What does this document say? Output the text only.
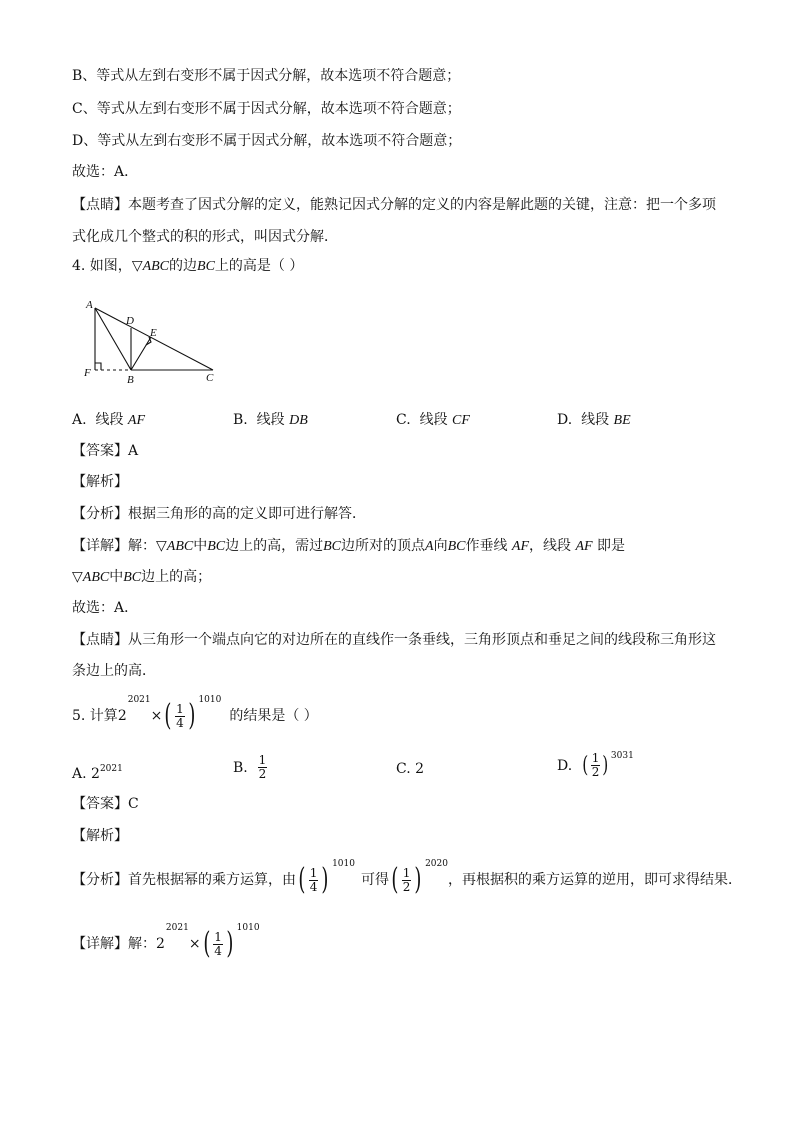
B、等式从左到右变形不属于因式分解，故本选项不符合题意；
C、等式从左到右变形不属于因式分解，故本选项不符合题意；
D、等式从左到右变形不属于因式分解，故本选项不符合题意；
故选：A．
【点睛】本题考查了因式分解的定义，能熟记因式分解的定义的内容是解此题的关键，注意：把一个多项
式化成几个整式的积的形式，叫因式分解．
4. 如图，▽ABC的边BC上的高是（ ）
A
D
E
F
B	C
A. 线段 AF	B. 线段 DB	C. 线段 CF	D. 线段 BE
【答案】A
【解析】
【分析】根据三角形的高的定义即可进行解答．
【详解】解：▽ABC中BC边上的高，需过BC边所对的顶点A向BC作垂线 AF，线段 AF 即是
▽ABC中BC边上的高；
故选：A．
【点睛】从三角形一个端点向它的对边所在的直线作一条垂线，三角形顶点和垂足之间的线段称三角形这
条边上的高．
5. 计算 2
2021
× ( $\frac{1}{4}$ ) 1010
的结果是（ ）
A. $2^{2021}$	B.
$\frac{1}{2}$	C. 2	D.
( $\frac{1}{2}$ ) 3031
【答案】C
【解析】
【分析】首先根据幂的乘方运算，由 ( $\frac{1}{4}$ ) 1010
可得 ( $\frac{1}{2}$ ) 2020
，再根据积的乘方运算的逆用，即可求得结果．
【详解】解： 2
2021
× ( $\frac{1}{4}$ ) 1010
